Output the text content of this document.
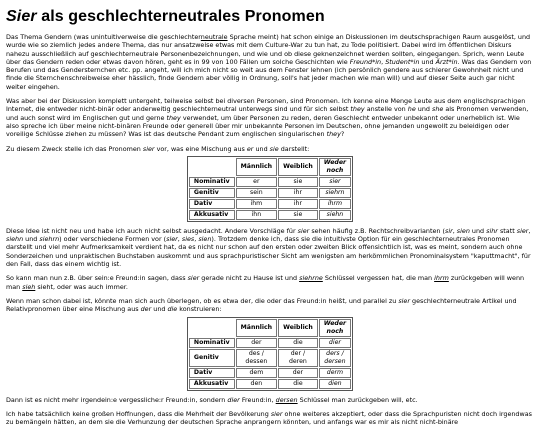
Sier als geschlechterneutrales Pronomen

Das Thema Gendern (was unintuitiverweise die geschlechterneutrale Sprache meint) hat schon einige an Diskussionen im deutschsprachigen Raum ausgelöst, und wurde wie so ziemlich jedes andere Thema, das nur ansatzweise etwas mit dem Culture-War zu tun hat, zu Tode politisiert. Dabei wird im öffentlichen Diskurs nahezu ausschließlich auf geschlechterneutrale Personenbezeichnungen, und wie und ob diese geknenzeichnet werden sollten, eingegangen. Sprich, wenn Leute über das Gendern reden oder etwas davon hören, geht es in 99 von 100 Fällen um solche Geschichten wie Freund*in, Student*in und Ärzt*in. Was das Gendern von Berufen und das Gendersternchen etc. pp. angeht, will ich mich nicht so weit aus dem Fenster lehnen (ich persönlich gendere aus schierer Gewohnheit nicht und finde die Sternchenschreibweise eher hässlich, finde Gendern aber völlig in Ordnung, soll's hat jeder machen wie man will) und auf dieser Seite auch gar nicht weiter eingehen.

Was aber bei der Diskussion komplett untergeht, teilweise selbst bei diversen Personen, sind Pronomen. Ich kenne eine Menge Leute aus dem englischsprachigen Internet, die entweder nicht-binär oder anderweitig geschlechterneutral unterwegs sind und für sich selbst they anstelle von he und she als Pronomen verwenden, und auch sonst wird im Englischen gut und gerne they verwendet, um über Personen zu reden, deren Geschlecht entweder unbekannt oder unerheblich ist. Wie also spreche ich über meine nicht-binären Freunde oder generell über mir unbekannte Personen im Deutschen, ohne jemanden ungewollt zu beleidigen oder voreilige Schlüsse ziehen zu müssen? Was ist das deutsche Pendant zum englischen singularischen they?

Zu diesem Zweck stelle ich das Pronomen sier vor, was eine Mischung aus er und sie darstellt:

	Männlich	Weiblich	Weder noch
Nominativ	er	sie	sier
Genitiv	sein	ihr	siehrn
Dativ	ihm	ihr	ihrm
Akkusativ	ihn	sie	siehn

Diese Idee ist nicht neu und habe ich auch nicht selbst ausgedacht. Andere Vorschläge für sier sehen häufig z.B. Rechtschreibvarianten (sir, sien und sihr statt sier, siehn und siehrn) oder verschiedene Formen vor (sier, sies, sien). Trotzdem denke ich, dass sie die intuitivste Option für ein geschlechterneutrales Pronomen darstellt und viel mehr Aufmerksamkeit verdient hat, da es nicht nur schon auf den ersten oder zweiten Blick offensichtlich ist, was es meint, sondern auch ohne Sonderzeichen und unpraktischen Buchstaben auskommt und aus sprachpuristischer Sicht am wenigsten am herkömmlichen Pronominalsystem "kaputtmacht", für den Fall, dass das einem wichtig ist.

So kann man nun z.B. über sein:e Freund:in sagen, dass sier gerade nicht zu Hause ist und siehrne Schlüssel vergessen hat, die man ihrm zurückgeben will wenn man sieh sieht, oder was auch immer.

Wenn man schon dabei ist, könnte man sich auch überlegen, ob es etwa der, die oder das Freund:in heißt, und parallel zu sier geschlechterneutrale Artikel und Relativpronomen über eine Mischung aus der und die konstruieren:

	Männlich	Weiblich	Weder noch
Nominativ	der	die	dier
Genitiv	des / dessen	der / deren	ders / dersen
Dativ	dem	der	derm
Akkusativ	den	die	dien

Dann ist es nicht mehr irgendein:e vergessliche:r Freund:in, sondern dier Freund:in, dersen Schlüssel man zurückgeben will, etc.

Ich habe tatsächlich keine großen Hoffnungen, dass die Mehrheit der Bevölkerung sier ohne weiteres akzeptiert, oder dass die Sprachpuristen nicht doch irgendwas zu bemängeln hätten, an dem sie die Verhunzung der deutschen Sprache anprangern könnten, und anfangs war es mir als nicht nicht-binäre
